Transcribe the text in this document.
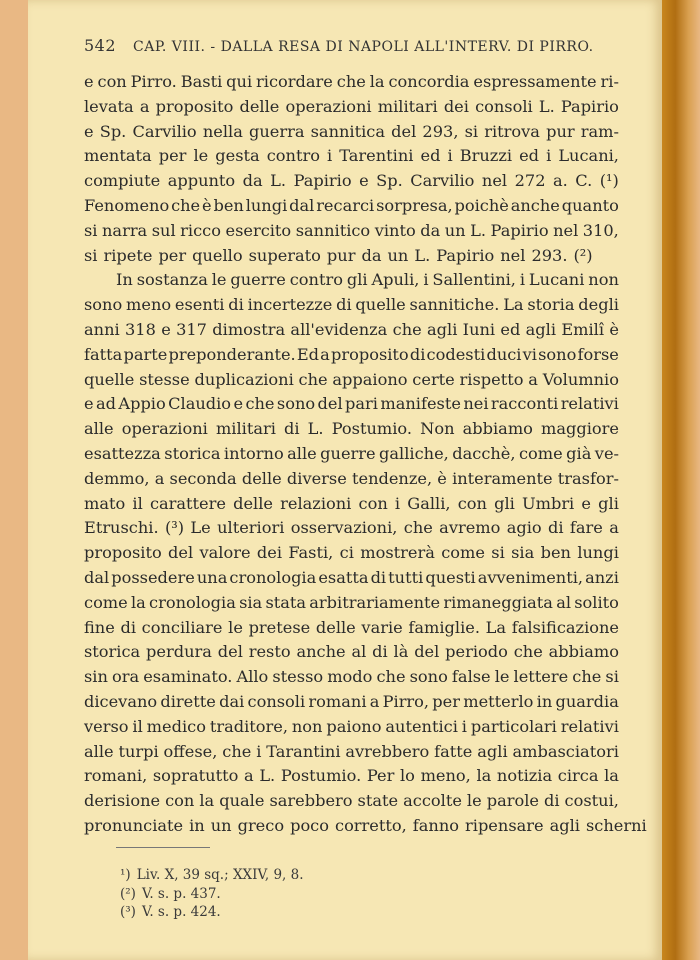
542 CAP. VIII. - DALLA RESA DI NAPOLI ALL'INTERV. DI PIRRO.
e con Pirro. Basti qui ricordare che la concordia espressamente ri-
levata a proposito delle operazioni militari dei consoli L. Papirio
e Sp. Carvilio nella guerra sannitica del 293, si ritrova pur ram-
mentata per le gesta contro i Tarentini ed i Bruzzi ed i Lucani,
compiute appunto da L. Papirio e Sp. Carvilio nel 272 a. C. (¹)
Fenomeno che è ben lungi dal recarci sorpresa, poichè anche quanto
si narra sul ricco esercito sannitico vinto da un L. Papirio nel 310,
si ripete per quello superato pur da un L. Papirio nel 293. (²)
In sostanza le guerre contro gli Apuli, i Sallentini, i Lucani non
sono meno esenti di incertezze di quelle sannitiche. La storia degli
anni 318 e 317 dimostra all'evidenza che agli Iuni ed agli Emilî è
fatta parte preponderante. Ed a proposito di codesti duci vi sono forse
quelle stesse duplicazioni che appaiono certe rispetto a Volumnio
e ad Appio Claudio e che sono del pari manifeste nei racconti relativi
alle operazioni militari di L. Postumio. Non abbiamo maggiore
esattezza storica intorno alle guerre galliche, dacchè, come già ve-
demmo, a seconda delle diverse tendenze, è interamente trasfor-
mato il carattere delle relazioni con i Galli, con gli Umbri e gli
Etruschi. (³) Le ulteriori osservazioni, che avremo agio di fare a
proposito del valore dei Fasti, ci mostrerà come si sia ben lungi
dal possedere una cronologia esatta di tutti questi avvenimenti, anzi
come la cronologia sia stata arbitrariamente rimaneggiata al solito
fine di conciliare le pretese delle varie famiglie. La falsificazione
storica perdura del resto anche al di là del periodo che abbiamo
sin ora esaminato. Allo stesso modo che sono false le lettere che si
dicevano dirette dai consoli romani a Pirro, per metterlo in guardia
verso il medico traditore, non paiono autentici i particolari relativi
alle turpi offese, che i Tarantini avrebbero fatte agli ambasciatori
romani, sopratutto a L. Postumio. Per lo meno, la notizia circa la
derisione con la quale sarebbero state accolte le parole di costui,
pronunciate in un greco poco corretto, fanno ripensare agli scherni
¹) Liv. X, 39 sq.; XXIV, 9, 8.
(²) V. s. p. 437.
(³) V. s. p. 424.
